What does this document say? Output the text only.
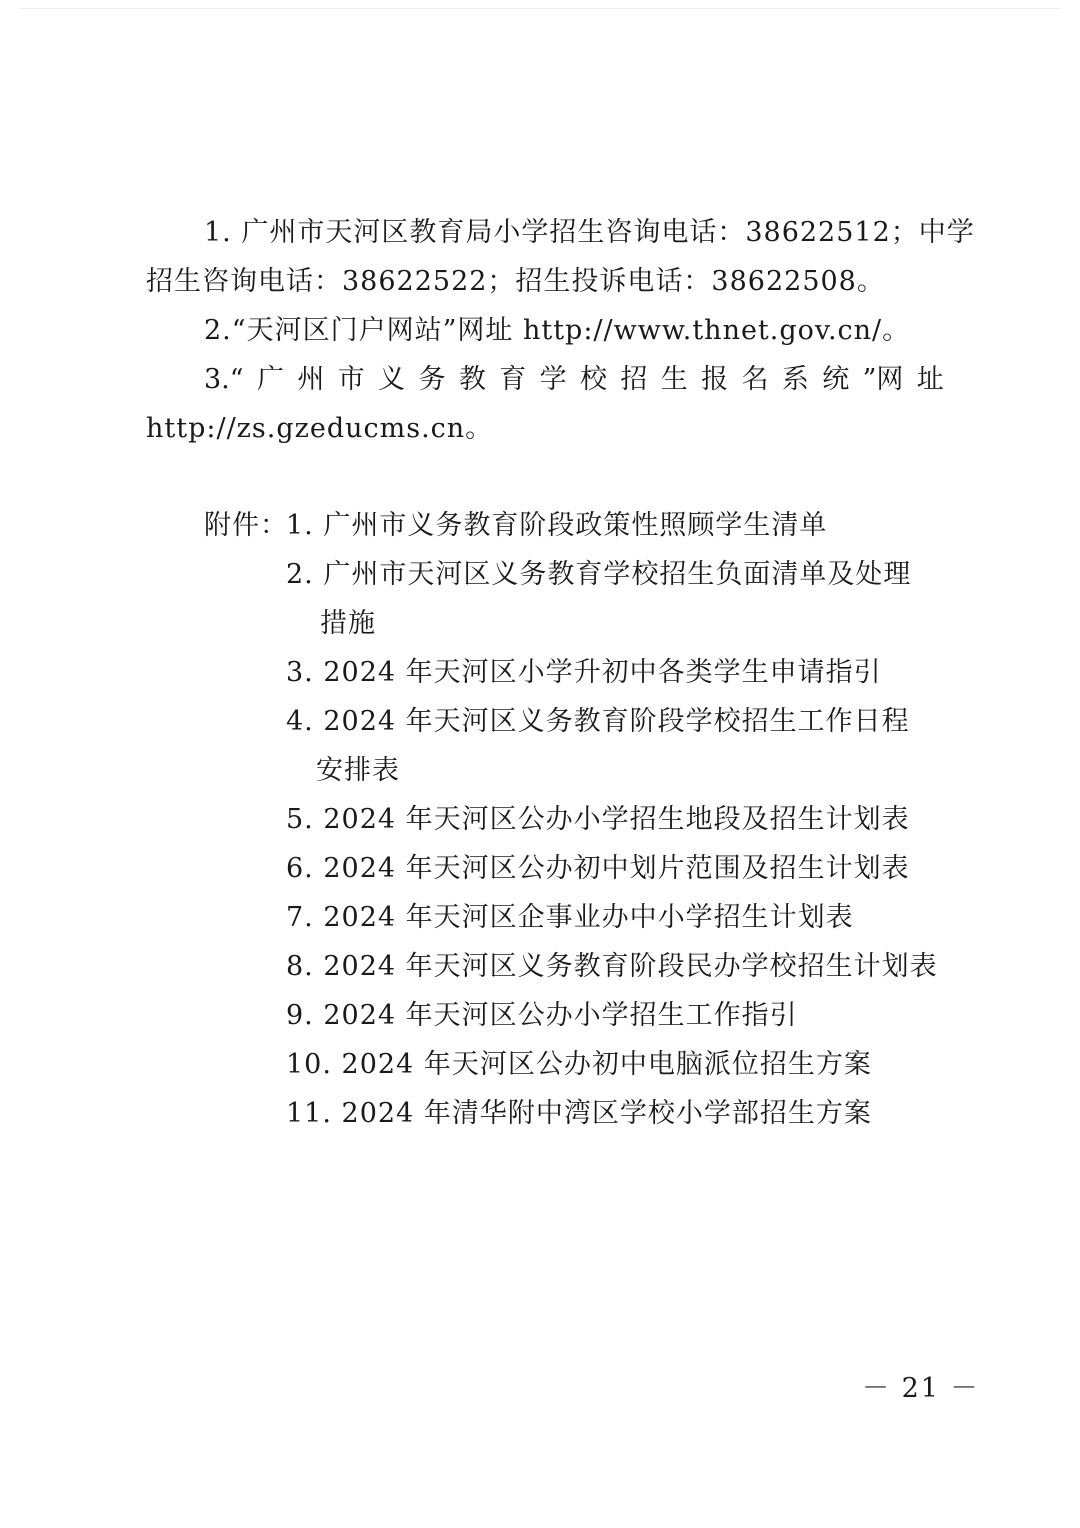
1. 广州市天河区教育局小学招生咨询电话：38622512；中学
招生咨询电话：38622522；招生投诉电话：38622508。
2.“天河区门户网站”网址 http://www.thnet.gov.cn/。
3.“ 广 州 市 义 务 教 育 学 校 招 生 报 名 系 统 ”网 址
http://zs.gzeducms.cn。
附件：
1. 广州市义务教育阶段政策性照顾学生清单
2. 广州市天河区义务教育学校招生负面清单及处理
措施
3. 2024 年天河区小学升初中各类学生申请指引
4. 2024 年天河区义务教育阶段学校招生工作日程
安排表
5. 2024 年天河区公办小学招生地段及招生计划表
6. 2024 年天河区公办初中划片范围及招生计划表
7. 2024 年天河区企事业办中小学招生计划表
8. 2024 年天河区义务教育阶段民办学校招生计划表
9. 2024 年天河区公办小学招生工作指引
10. 2024 年天河区公办初中电脑派位招生方案
11. 2024 年清华附中湾区学校小学部招生方案
－ 21 －
